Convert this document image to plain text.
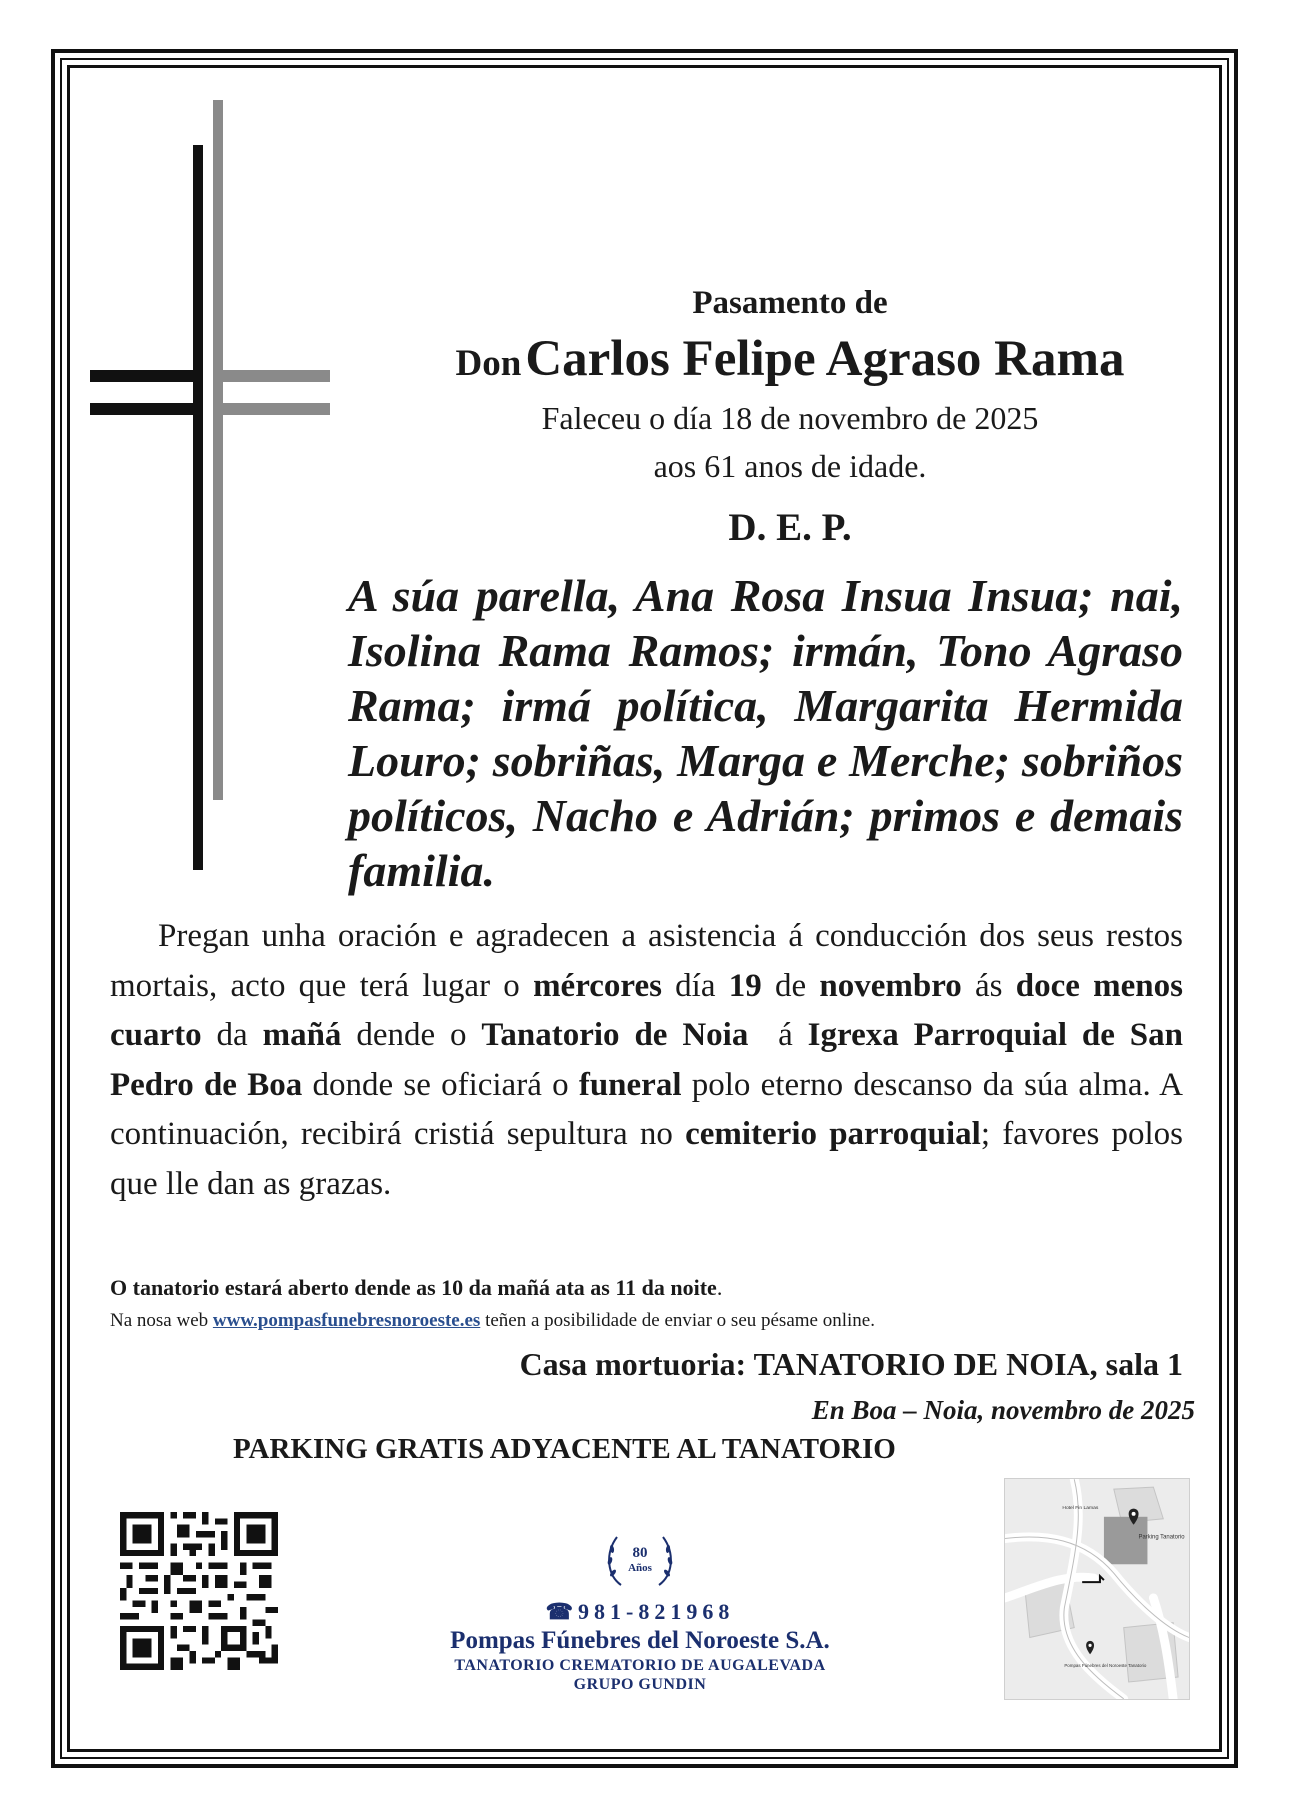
Pasamento de
Don Carlos Felipe Agraso Rama
Faleceu o día 18 de novembro de 2025
aos 61 anos de idade.
D. E. P.
A súa parella, Ana Rosa Insua Insua; nai, Isolina Rama Ramos; irmán, Tono Agraso Rama; irmá política, Margarita Hermida Louro; sobriñas, Marga e Merche; sobriños políticos, Nacho e Adrián; primos e demais familia.
Pregan unha oración e agradecen a asistencia á conducción dos seus restos mortais, acto que terá lugar o mércores día 19 de novembro ás doce menos cuarto da mañá dende o Tanatorio de Noia  á Igrexa Parroquial de San Pedro de Boa donde se oficiará o funeral polo eterno descanso da súa alma. A continuación, recibirá cristiá sepultura no cemiterio parroquial; favores polos que lle dan as grazas.
O tanatorio estará aberto dende as 10 da mañá ata as 11 da noite.
Na nosa web www.pompasfunebresnoroeste.es teñen a posibilidade de enviar o seu pésame online.
Casa mortuoria: TANATORIO DE NOIA, sala 1
En Boa – Noia, novembro de 2025
PARKING GRATIS ADYACENTE AL TANATORIO
80
Años
☎981-821968
Pompas Fúnebres del Noroeste S.A.
TANATORIO CREMATORIO DE AUGALEVADA
GRUPO GUNDIN
Parking Tanatorio
Hotel Fin Lamas
Pompas Fúnebres del Noroeste Tanatorio
